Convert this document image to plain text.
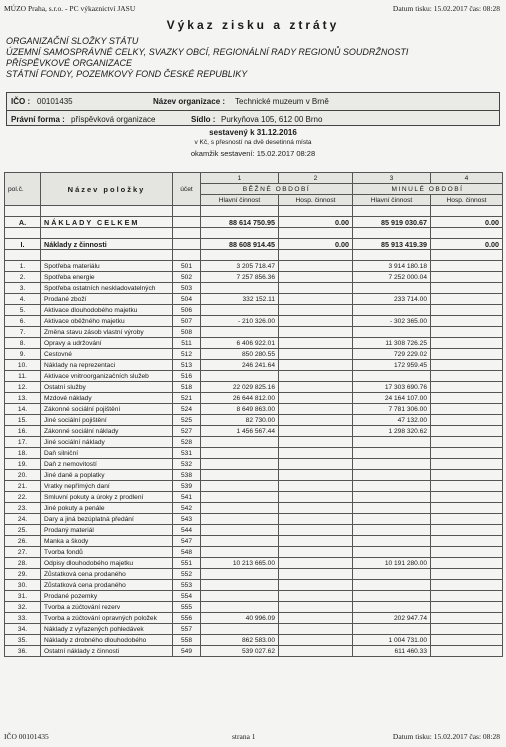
MÚZO Praha, s.r.o. - PC výkaznictví JASU	Datum tisku: 15.02.2017 čas: 08:28
Výkaz zisku a ztráty
ORGANIZAČNÍ SLOŽKY STÁTU
ÚZEMNÍ SAMOSPRÁVNÉ CELKY, SVAZKY OBCÍ, REGIONÁLNÍ RADY REGIONŮ SOUDRŽNOSTI
PŘÍSPĚVKOVÉ ORGANIZACE
STÁTNÍ FONDY, POZEMKOVÝ FOND ČESKÉ REPUBLIKY
IČO : 00101435	Název organizace : Technické muzeum v Brně
Právní forma : příspěvková organizace	Sídlo : Purkyňova 105, 612 00 Brno
sestavený k 31.12.2016
v Kč, s přesností na dvě desetinná místa
okamžik sestavení: 15.02.2017 08:28
pol.č.	Název položky	účet	1	2	3	4
			BĚŽNÉ OBDOBÍ		MINULÉ OBDOBÍ	
			Hlavní činnost	Hosp. činnost	Hlavní činnost	Hosp. činnost

A.	NÁKLADY CELKEM		88 614 750.95	0.00	85 919 030.67	0.00

I.	Náklady z činnosti		88 608 914.45	0.00	85 913 419.39	0.00

1.	Spotřeba materiálu	501	3 205 718.47		3 914 180.18	
2.	Spotřeba energie	502	7 257 856.36		7 252 000.04	
3.	Spotřeba ostatních neskladovatelných	503				
4.	Prodané zboží	504	332 152.11		233 714.00	
5.	Aktivace dlouhodobého majetku	506				
6.	Aktivace oběžného majetku	507	- 210 326.00		- 302 365.00	
7.	Změna stavu zásob vlastní výroby	508				
8.	Opravy a udržování	511	6 406 922.01		11 308 726.25	
9.	Cestovné	512	850 280.55		729 229.02	
10.	Náklady na reprezentaci	513	246 241.64		172 959.45	
11.	Aktivace vnitroorganizačních služeb	516				
12.	Ostatní služby	518	22 029 825.16		17 303 690.76	
13.	Mzdové náklady	521	26 644 812.00		24 164 107.00	
14.	Zákonné sociální pojištění	524	8 649 863.00		7 781 306.00	
15.	Jiné sociální pojištění	525	82 730.00		47 132.00	
16.	Zákonné sociální náklady	527	1 456 567.44		1 298 320.62	
17.	Jiné sociální náklady	528				
18.	Daň silniční	531				
19.	Daň z nemovitostí	532				
20.	Jiné daně a poplatky	538				
21.	Vratky nepřímých daní	539				
22.	Smluvní pokuty a úroky z prodlení	541				
23.	Jiné pokuty a penále	542				
24.	Dary a jiná bezúplatná předání	543				
25.	Prodaný materiál	544				
26.	Manka a škody	547				
27.	Tvorba fondů	548				
28.	Odpisy dlouhodobého majetku	551	10 213 665.00		10 191 280.00	
29.	Zůstatková cena prodaného	552				
30.	Zůstatková cena prodaného	553				
31.	Prodané pozemky	554				
32.	Tvorba a zúčtování rezerv	555				
33.	Tvorba a zúčtování opravných položek	556	40 996.09		202 947.74	
34.	Náklady z vyřazených pohledávek	557				
35.	Náklady z drobného dlouhodobého	558	862 583.00		1 004 731.00	
36.	Ostatní náklady z činnosti	549	539 027.62		611 460.33	
IČO 00101435	strana 1	Datum tisku: 15.02.2017 čas: 08:28
